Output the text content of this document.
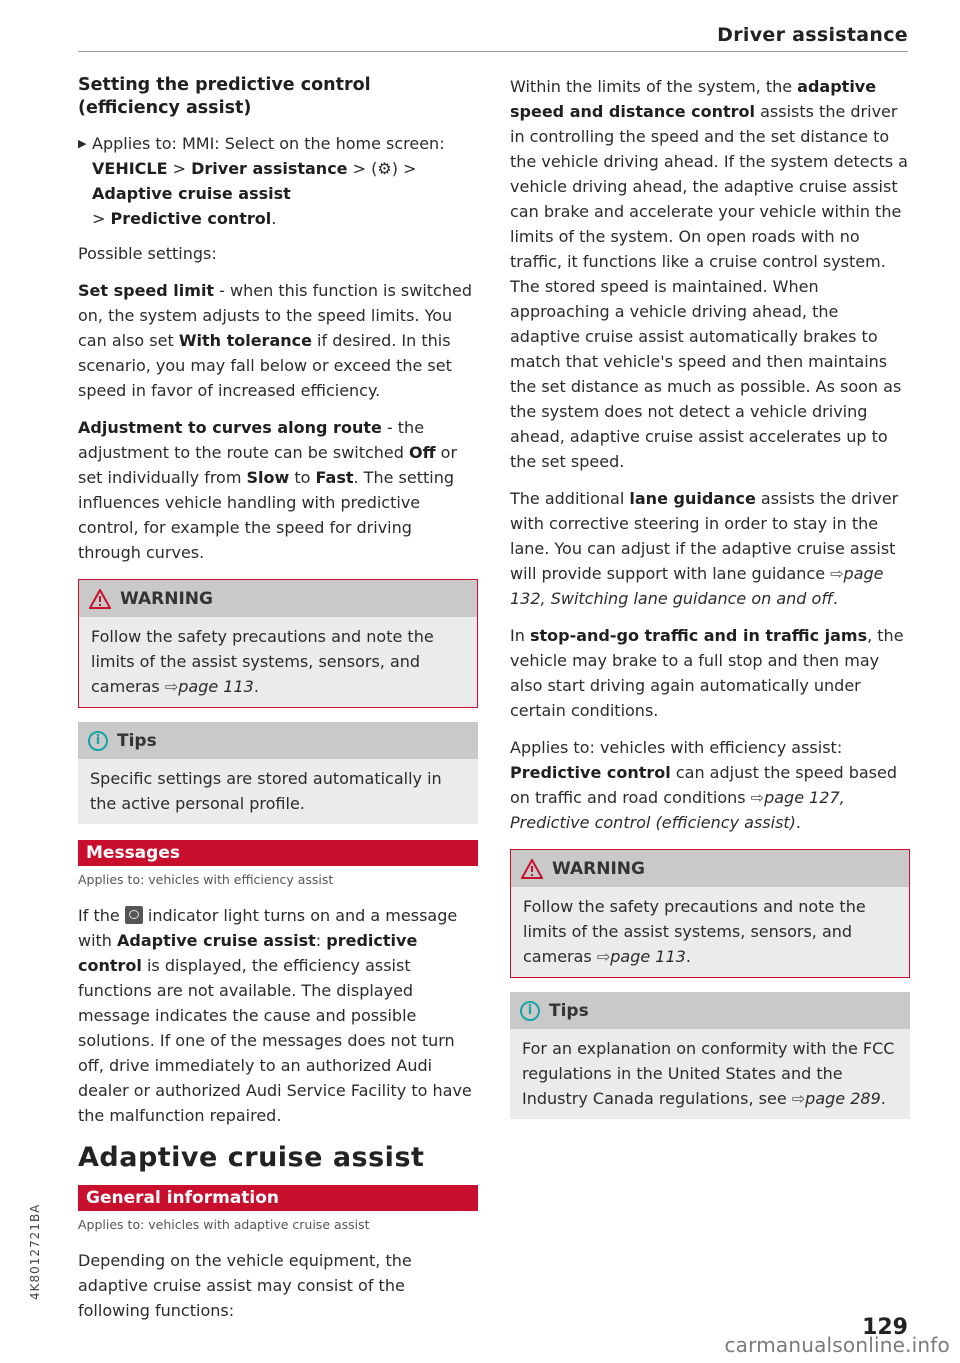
Driver assistance
Setting the predictive control (efficiency assist)
▶ Applies to: MMI: Select on the home screen:
VEHICLE > Driver assistance > (⚙) > Adaptive cruise assist
> Predictive control.

Possible settings:

Set speed limit - when this function is switched on, the system adjusts to the speed limits. You can also set With tolerance if desired. In this scenario, you may fall below or exceed the set speed in favor of increased efficiency.

Adjustment to curves along route - the adjustment to the route can be switched Off or set individually from Slow to Fast. The setting influences vehicle handling with predictive control, for example the speed for driving through curves.

WARNING

Follow the safety precautions and note the limits of the assist systems, sensors, and cameras ⇨page 113.

i Tips

Specific settings are stored automatically in the active personal profile.

Messages
Applies to: vehicles with efficiency assist

If the  indicator light turns on and a message with Adaptive cruise assist: predictive control is displayed, the efficiency assist functions are not available. The displayed message indicates the cause and possible solutions. If one of the messages does not turn off, drive immediately to an authorized Audi dealer or authorized Audi Service Facility to have the malfunction repaired.

Adaptive cruise assist
General information
Applies to: vehicles with adaptive cruise assist

Depending on the vehicle equipment, the adaptive cruise assist may consist of the following functions:

Within the limits of the system, the adaptive speed and distance control assists the driver in controlling the speed and the set distance to the vehicle driving ahead. If the system detects a vehicle driving ahead, the adaptive cruise assist can brake and accelerate your vehicle within the limits of the system. On open roads with no traffic, it functions like a cruise control system. The stored speed is maintained. When approaching a vehicle driving ahead, the adaptive cruise assist automatically brakes to match that vehicle's speed and then maintains the set distance as much as possible. As soon as the system does not detect a vehicle driving ahead, adaptive cruise assist accelerates up to the set speed.

The additional lane guidance assists the driver with corrective steering in order to stay in the lane. You can adjust if the adaptive cruise assist will provide support with lane guidance ⇨page 132, Switching lane guidance on and off.

In stop-and-go traffic and in traffic jams, the vehicle may brake to a full stop and then may also start driving again automatically under certain conditions.

Applies to: vehicles with efficiency assist: Predictive control can adjust the speed based on traffic and road conditions ⇨page 127, Predictive control (efficiency assist).

WARNING

Follow the safety precautions and note the limits of the assist systems, sensors, and cameras ⇨page 113.

i Tips

For an explanation on conformity with the FCC regulations in the United States and the Industry Canada regulations, see ⇨page 289.

4K8012721BA
129
carmanualsonline.info
